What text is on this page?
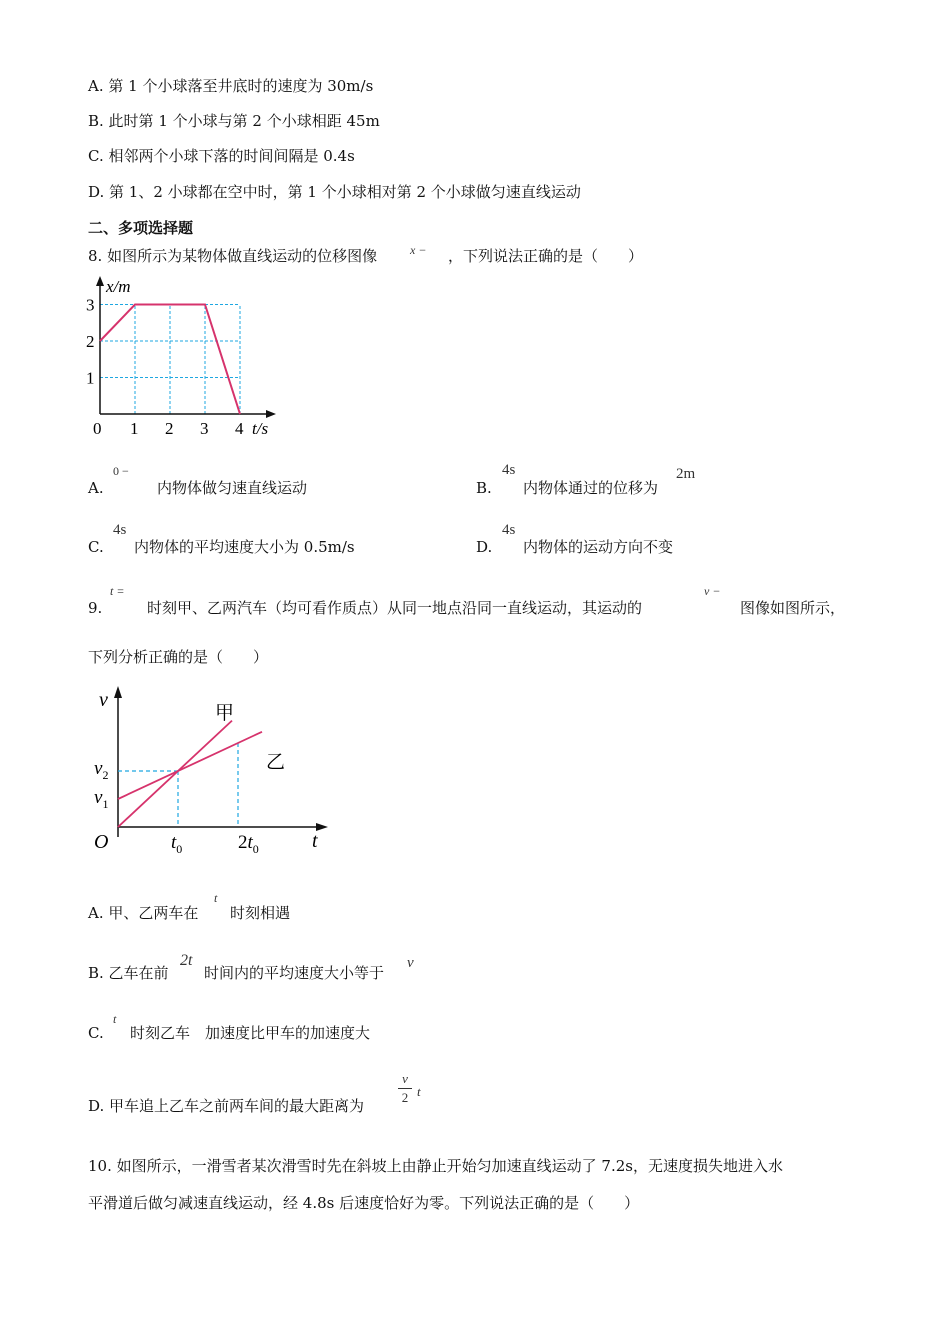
A. 第 1 个小球落至井底时的速度为 30m/s
B. 此时第 1 个小球与第 2 个小球相距 45m
C. 相邻两个小球下落的时间间隔是 0.4s
D. 第 1、2 小球都在空中时，第 1 个小球相对第 2 个小球做匀速直线运动
二、多项选择题
8. 如图所示为某物体做直线运动的位移图像	x − ，下列说法正确的是（　　）
0 1 2 3 4
1
2
3
x/m
t/s
A.
0 −
内物体做匀速直线运动	B.
4s
内物体通过的位移为
2m
C.
4s
内物体的平均速度大小为 0.5m/s	D.
4s
内物体的运动方向不变
9.
t =
时刻甲、乙两汽车（均可看作质点）从同一地点沿同一直线运动，其运动的
v −
图像如图所示，
下列分析正确的是（　　）
v
t
O
甲
乙
$v_2$
$v_1$
$t_0$	$2t_0$
A. 甲、乙两车在
t
时刻相遇
B. 乙车在前
2t
时间内的平均速度大小等于
v
C.
t
时刻乙车　加速度比甲车的加速度大
D. 甲车追上乙车之前两车间的最大距离为
v
2 t
10. 如图所示，一滑雪者某次滑雪时先在斜坡上由静止开始匀加速直线运动了 7.2s，无速度损失地进入水
平滑道后做匀减速直线运动，经 4.8s 后速度恰好为零。下列说法正确的是（　　）
